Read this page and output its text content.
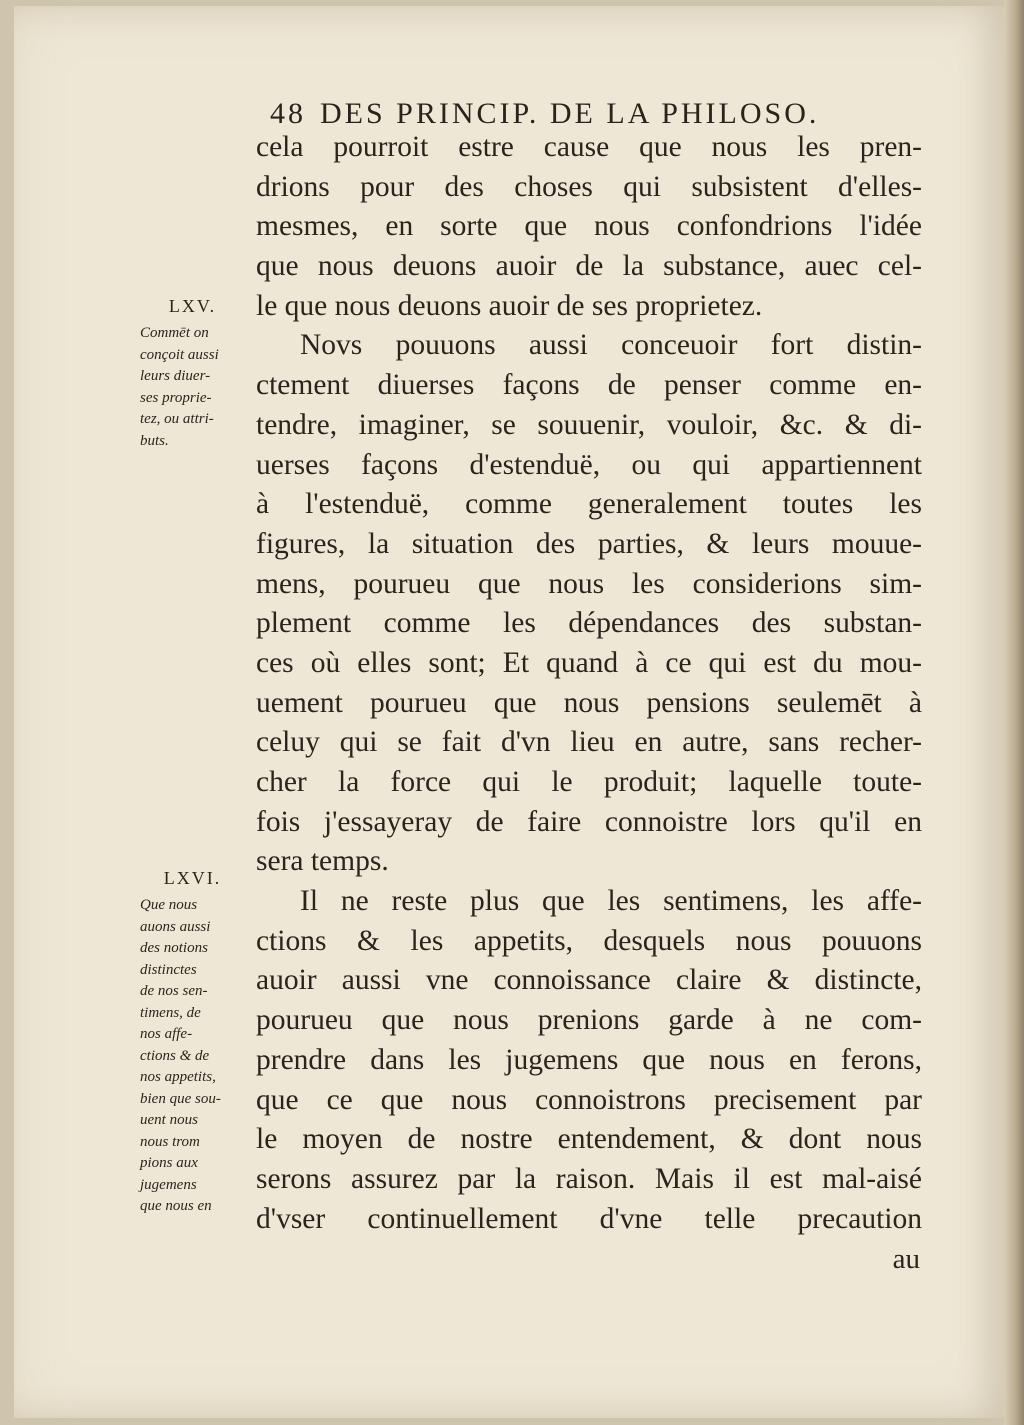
48 DES PRINCIP. DE LA PHILOSO.
LXV.
Commēt on
conçoit aussi
leurs diuer-
ses proprie-
tez, ou attri-
buts.
LXVI.
Que nous
auons aussi
des notions
distinctes
de nos sen-
timens, de
nos affe-
ctions & de
nos appetits,
bien que sou-
uent nous
nous trom
pions aux
jugemens
que nous en
cela pourroit estre cause que nous les pren-
drions pour des choses qui subsistent d'elles-
mesmes, en sorte que nous confondrions l'idée
que nous deuons auoir de la substance, auec cel-
le que nous deuons auoir de ses proprietez.
Novs pouuons aussi conceuoir fort distin-
ctement diuerses façons de penser comme en-
tendre, imaginer, se souuenir, vouloir, &c. & di-
uerses façons d'estenduë, ou qui appartiennent
à l'estenduë, comme generalement toutes les
figures, la situation des parties, & leurs mouue-
mens, pourueu que nous les considerions sim-
plement comme les dépendances des substan-
ces où elles sont; Et quand à ce qui est du mou-
uement pourueu que nous pensions seulemēt à
celuy qui se fait d'vn lieu en autre, sans recher-
cher la force qui le produit; laquelle toute-
fois j'essayeray de faire connoistre lors qu'il en
sera temps.
Il ne reste plus que les sentimens, les affe-
ctions & les appetits, desquels nous pouuons
auoir aussi vne connoissance claire & distincte,
pourueu que nous prenions garde à ne com-
prendre dans les jugemens que nous en ferons,
que ce que nous connoistrons precisement par
le moyen de nostre entendement, & dont nous
serons assurez par la raison. Mais il est mal-aisé
d'vser continuellement d'vne telle precaution
au
